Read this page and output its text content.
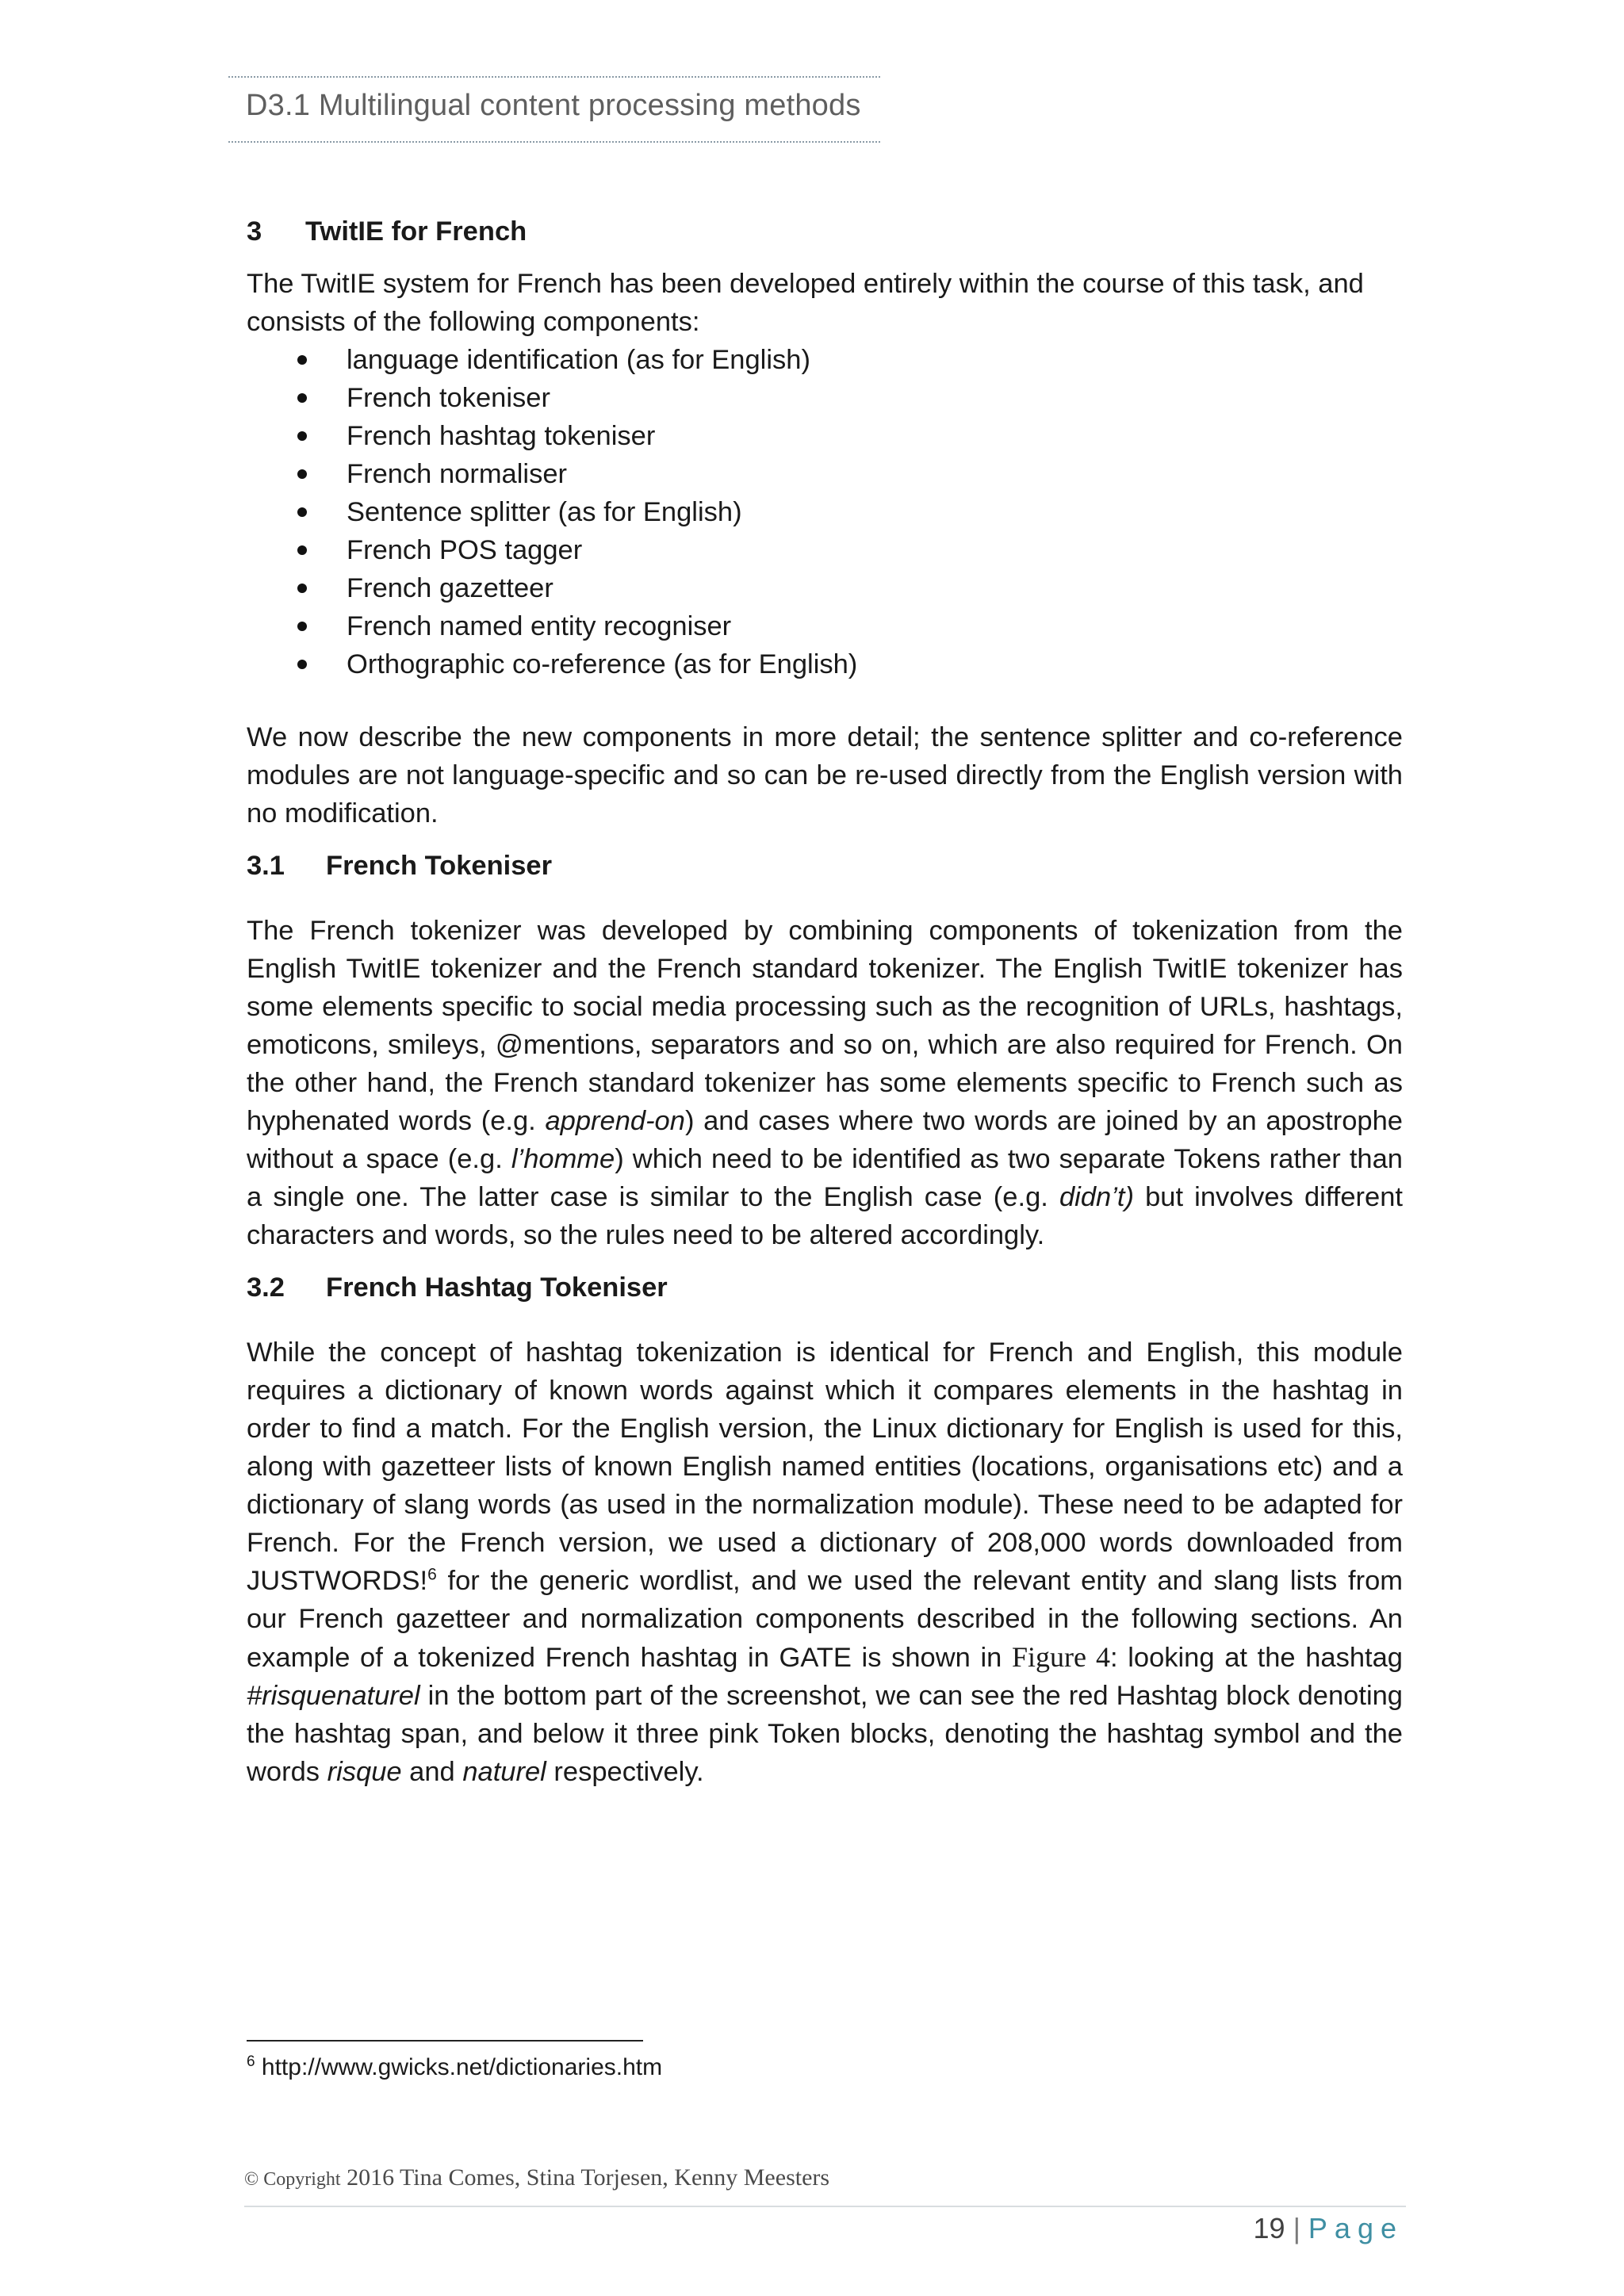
D3.1 Multilingual content processing methods
3	TwitIE for French

The TwitIE system for French has been developed entirely within the course of this task, and consists of the following components:

language identification (as for English)
French tokeniser
French hashtag tokeniser
French normaliser
Sentence splitter (as for English)
French POS tagger
French gazetteer
French named entity recogniser
Orthographic co-reference (as for English)

We now describe the new components in more detail; the sentence splitter and co-reference modules are not language-specific and so can be re-used directly from the English version with no modification.

3.1	French Tokeniser

The French tokenizer was developed by combining components of tokenization from the English TwitIE tokenizer and the French standard tokenizer. The English TwitIE tokenizer has some elements specific to social media processing such as the recognition of URLs, hashtags, emoticons, smileys, @mentions, separators and so on, which are also required for French. On the other hand, the French standard tokenizer has some elements specific to French such as hyphenated words (e.g. apprend-on) and cases where two words are joined by an apostrophe without a space (e.g. l’homme) which need to be identified as two separate Tokens rather than a single one. The latter case is similar to the English case (e.g. didn’t) but involves different characters and words, so the rules need to be altered accordingly.

3.2	French Hashtag Tokeniser

While the concept of hashtag tokenization is identical for French and English, this module requires a dictionary of known words against which it compares elements in the hashtag in order to find a match. For the English version, the Linux dictionary for English is used for this, along with gazetteer lists of known English named entities (locations, organisations etc) and a dictionary of slang words (as used in the normalization module). These need to be adapted for French. For the French version, we used a dictionary of 208,000 words downloaded from JUSTWORDS!$^6$ for the generic wordlist, and we used the relevant entity and slang lists from our French gazetteer and normalization components described in the following sections. An example of a tokenized French hashtag in GATE is shown in Figure 4: looking at the hashtag #risquenaturel in the bottom part of the screenshot, we can see the red Hashtag block denoting the hashtag span, and below it three pink Token blocks, denoting the hashtag symbol and the words risque and naturel respectively.

$^6$ http://www.gwicks.net/dictionaries.htm
© Copyright 2016 Tina Comes, Stina Torjesen, Kenny Meesters
19 | Page
